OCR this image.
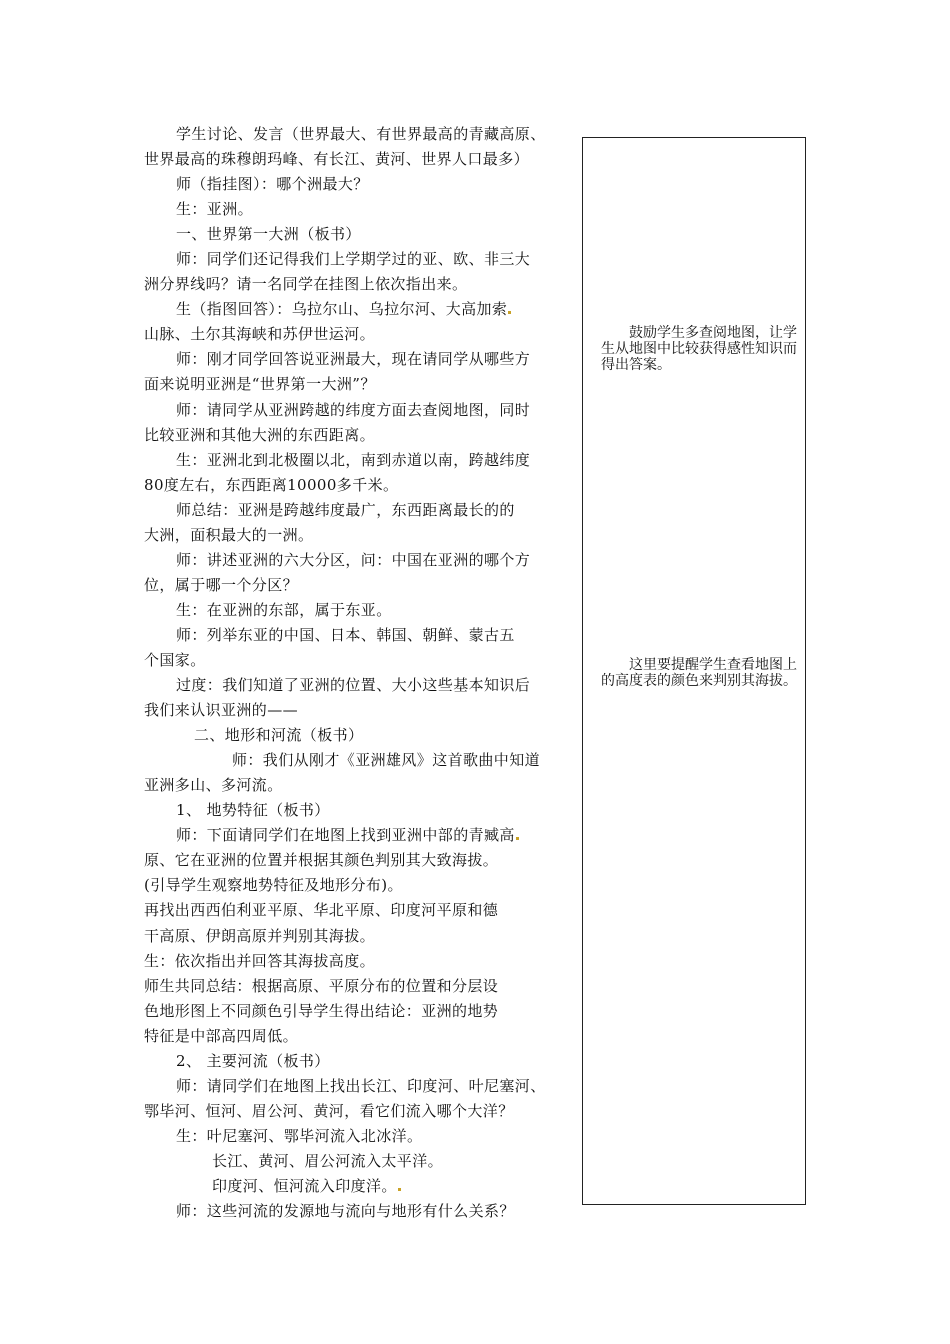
学生讨论、发言（世界最大、有世界最高的青藏高原、
世界最高的珠穆朗玛峰、有长江、黄河、世界人口最多）
师（指挂图）：哪个洲最大？
生：亚洲。
一、世界第一大洲（板书）
师：同学们还记得我们上学期学过的亚、欧、非三大
洲分界线吗？请一名同学在挂图上依次指出来。
生（指图回答）：乌拉尔山、乌拉尔河、大高加索
山脉、土尔其海峡和苏伊世运河。
师：刚才同学回答说亚洲最大，现在请同学从哪些方
面来说明亚洲是“世界第一大洲”？
师：请同学从亚洲跨越的纬度方面去查阅地图，同时
比较亚洲和其他大洲的东西距离。
生：亚洲北到北极圈以北，南到赤道以南，跨越纬度
80度左右，东西距离10000多千米。
师总结：亚洲是跨越纬度最广，东西距离最长的的
大洲，面积最大的一洲。
师：讲述亚洲的六大分区，问：中国在亚洲的哪个方
位，属于哪一个分区？
生：在亚洲的东部，属于东亚。
师：列举东亚的中国、日本、韩国、朝鲜、蒙古五
个国家。
过度：我们知道了亚洲的位置、大小这些基本知识后
我们来认识亚洲的——
二、地形和河流（板书）
师：我们从刚才《亚洲雄风》这首歌曲中知道
亚洲多山、多河流。
1、 地势特征（板书）
师：下面请同学们在地图上找到亚洲中部的青臧高
原、它在亚洲的位置并根据其颜色判别其大致海拔。
(引导学生观察地势特征及地形分布)。
再找出西西伯利亚平原、华北平原、印度河平原和德
干高原、伊朗高原并判别其海拔。
生：依次指出并回答其海拔高度。
师生共同总结：根据高原、平原分布的位置和分层设
色地形图上不同颜色引导学生得出结论：亚洲的地势
特征是中部高四周低。
2、 主要河流（板书）
师：请同学们在地图上找出长江、印度河、叶尼塞河、
鄂毕河、恒河、眉公河、黄河，看它们流入哪个大洋？
生：叶尼塞河、鄂毕河流入北冰洋。
长江、黄河、眉公河流入太平洋。
印度河、恒河流入印度洋。
师：这些河流的发源地与流向与地形有什么关系？
鼓励学生多查阅地图，让学生从地图中比较获得感性知识而得出答案。
这里要提醒学生查看地图上的高度表的颜色来判别其海拔。
